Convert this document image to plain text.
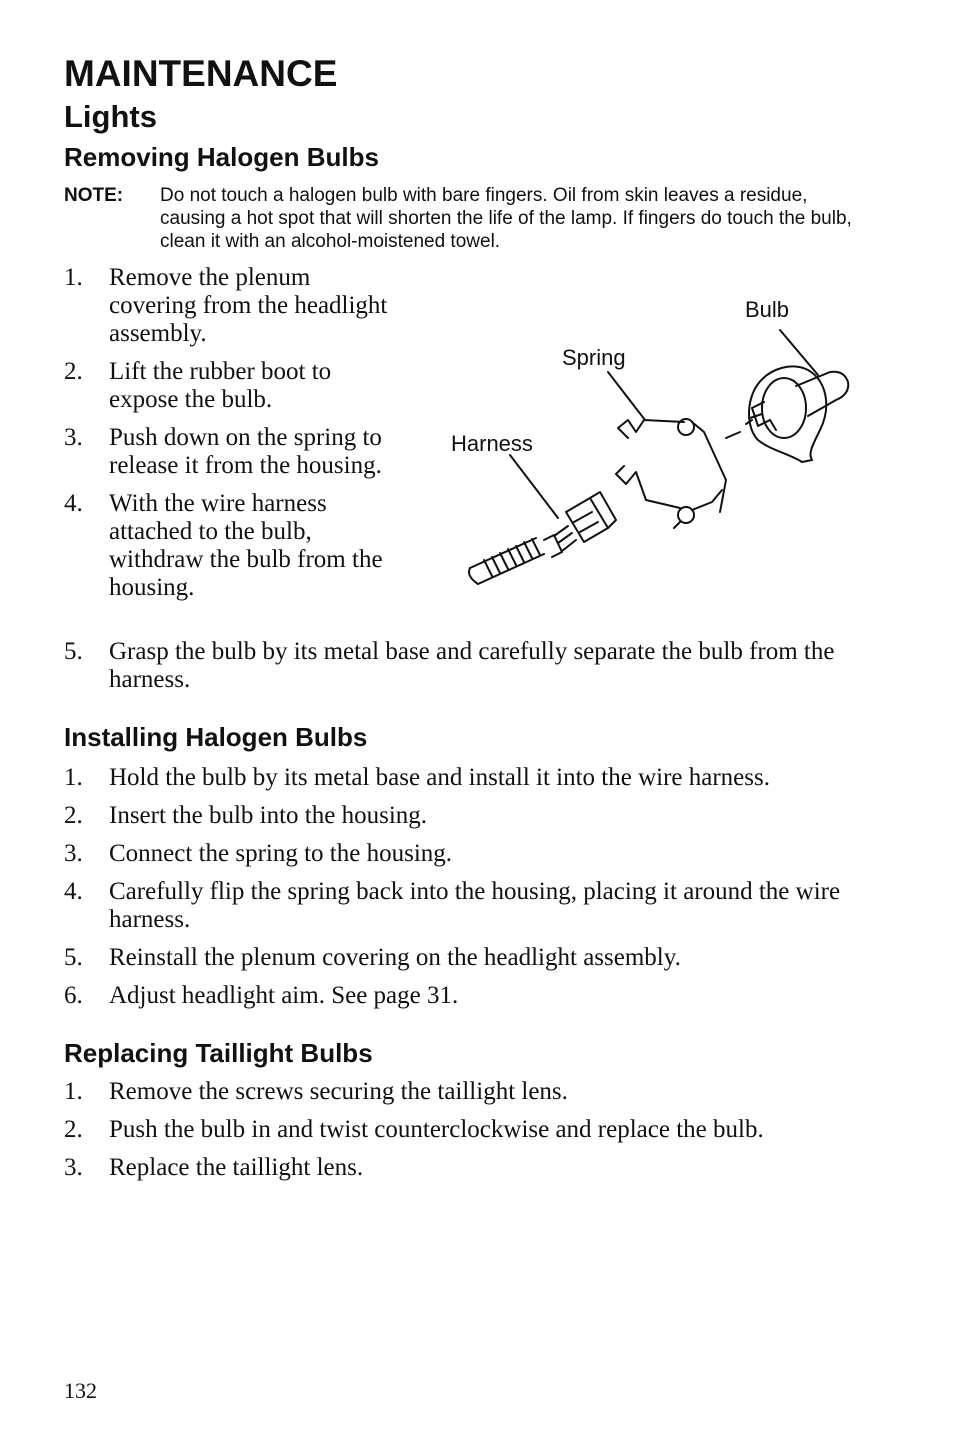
MAINTENANCE
Lights
Removing Halogen Bulbs
NOTE: Do not touch a halogen bulb with bare fingers. Oil from skin leaves a residue, causing a hot spot that will shorten the life of the lamp. If fingers do touch the bulb, clean it with an alcohol-moistened towel.
1. Remove the plenum covering from the headlight assembly.
2. Lift the rubber boot to expose the bulb.
3. Push down on the spring to release it from the housing.
4. With the wire harness attached to the bulb, withdraw the bulb from the housing.
5. Grasp the bulb by its metal base and carefully separate the bulb from the harness.
Bulb
Spring
Harness
Installing Halogen Bulbs
1. Hold the bulb by its metal base and install it into the wire harness.
2. Insert the bulb into the housing.
3. Connect the spring to the housing.
4. Carefully flip the spring back into the housing, placing it around the wire harness.
5. Reinstall the plenum covering on the headlight assembly.
6. Adjust headlight aim. See page 31.
Replacing Taillight Bulbs
1. Remove the screws securing the taillight lens.
2. Push the bulb in and twist counterclockwise and replace the bulb.
3. Replace the taillight lens.
132
